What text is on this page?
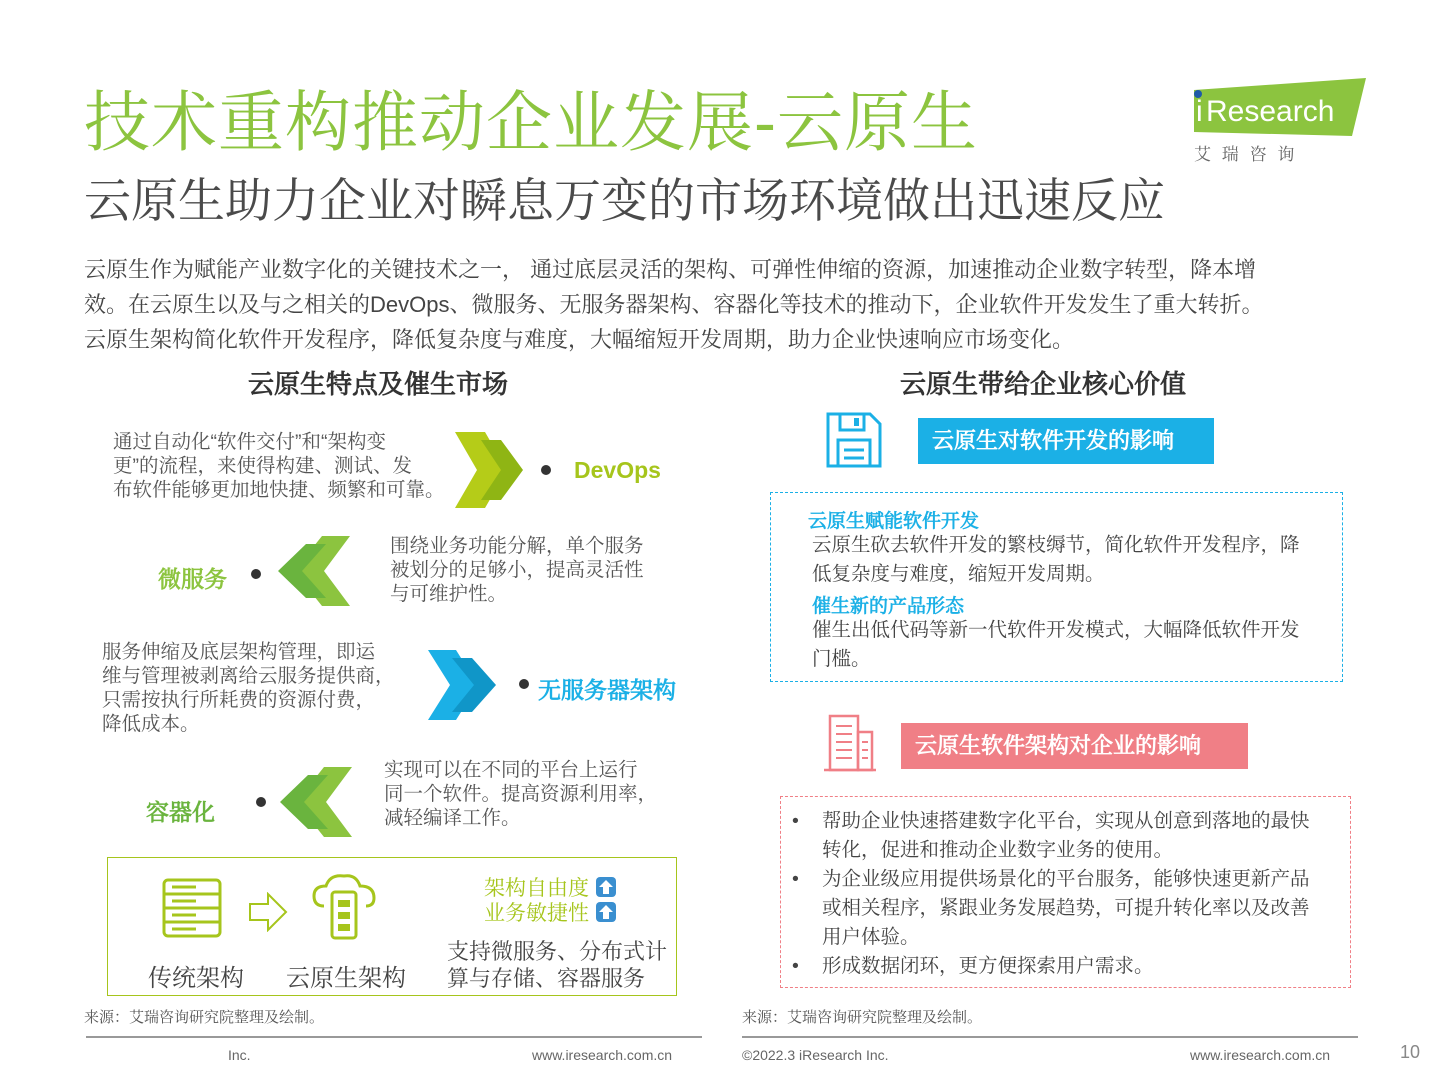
技术重构推动企业发展-云原生
云原生助力企业对瞬息万变的市场环境做出迅速反应
云原生作为赋能产业数字化的关键技术之一， 通过底层灵活的架构、可弹性伸缩的资源，加速推动企业数字转型，降本增
效。在云原生以及与之相关的DevOps、微服务、无服务器架构、容器化等技术的推动下，企业软件开发发生了重大转折。
云原生架构简化软件开发程序，降低复杂度与难度，大幅缩短开发周期，助力企业快速响应市场变化。
i Research
艾  瑞  咨  询
云原生特点及催生市场
通过自动化“软件交付”和“架构变
更”的流程，来使得构建、测试、发
布软件能够更加地快捷、频繁和可靠。
DevOps
微服务
围绕业务功能分解，单个服务
被划分的足够小，提高灵活性
与可维护性。
服务伸缩及底层架构管理，即运
维与管理被剥离给云服务提供商，
只需按执行所耗费的资源付费，
降低成本。
无服务器架构
容器化
实现可以在不同的平台上运行
同一个软件。提高资源利用率，
减轻编译工作。
传统架构 云原生架构
架构自由度
业务敏捷性
支持微服务、分布式计
算与存储、容器服务
来源：艾瑞咨询研究院整理及绘制。
云原生带给企业核心价值
云原生对软件开发的影响
云原生赋能软件开发
云原生砍去软件开发的繁枝缛节，简化软件开发程序，降
低复杂度与难度，缩短开发周期。
催生新的产品形态
催生出低代码等新一代软件开发模式，大幅降低软件开发
门槛。
云原生软件架构对企业的影响
• 帮助企业快速搭建数字化平台，实现从创意到落地的最快
转化，促进和推动企业数字业务的使用。
• 为企业级应用提供场景化的平台服务，能够快速更新产品
或相关程序，紧跟业务发展趋势，可提升转化率以及改善
用户体验。
• 形成数据闭环，更方便探索用户需求。
来源：艾瑞咨询研究院整理及绘制。
Inc.	www.iresearch.com.cn	©2022.3 iResearch Inc.	www.iresearch.com.cn	10
